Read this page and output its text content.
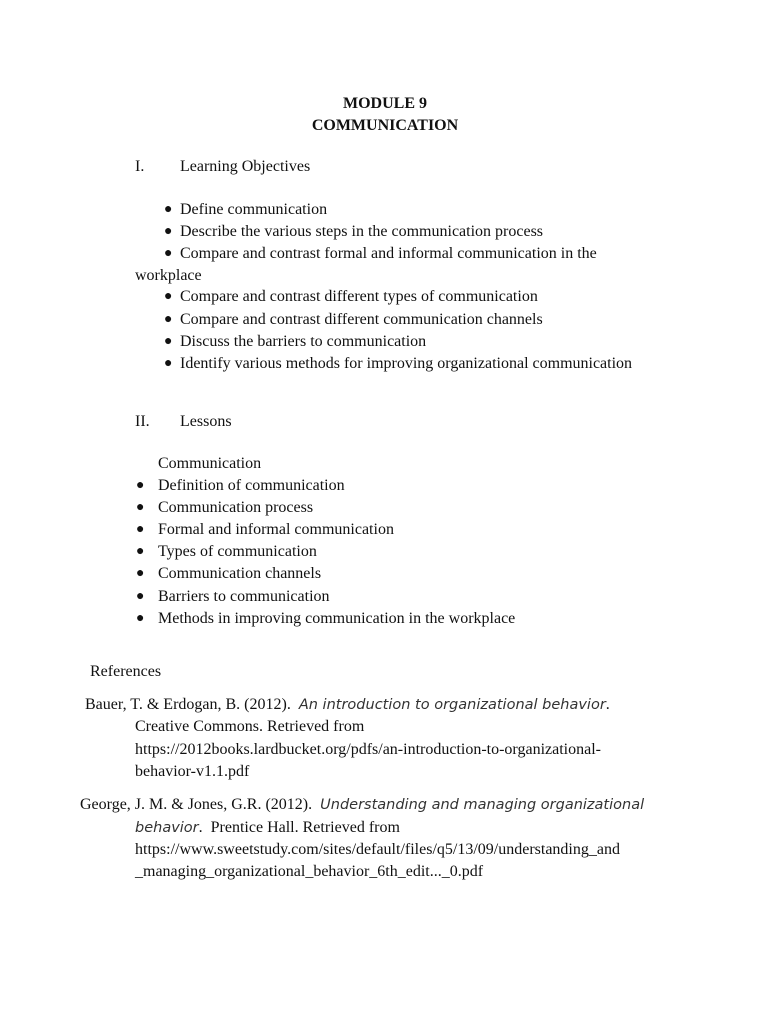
MODULE 9
COMMUNICATION
I. Learning Objectives
● Define communication
● Describe the various steps in the communication process
● Compare and contrast formal and informal communication in the
workplace
● Compare and contrast different types of communication
● Compare and contrast different communication channels
● Discuss the barriers to communication
● Identify various methods for improving organizational communication
II. Lessons
Communication
● Definition of communication
● Communication process
● Formal and informal communication
● Types of communication
● Communication channels
● Barriers to communication
● Methods in improving communication in the workplace
References
Bauer, T. & Erdogan, B. (2012). An introduction to organizational behavior.
Creative Commons. Retrieved from
https://2012books.lardbucket.org/pdfs/an-introduction-to-organizational-
behavior-v1.1.pdf
George, J. M. & Jones, G.R. (2012). Understanding and managing organizational
behavior.  Prentice Hall. Retrieved from
https://www.sweetstudy.com/sites/default/files/q5/13/09/understanding_and
_managing_organizational_behavior_6th_edit..._0.pdf
